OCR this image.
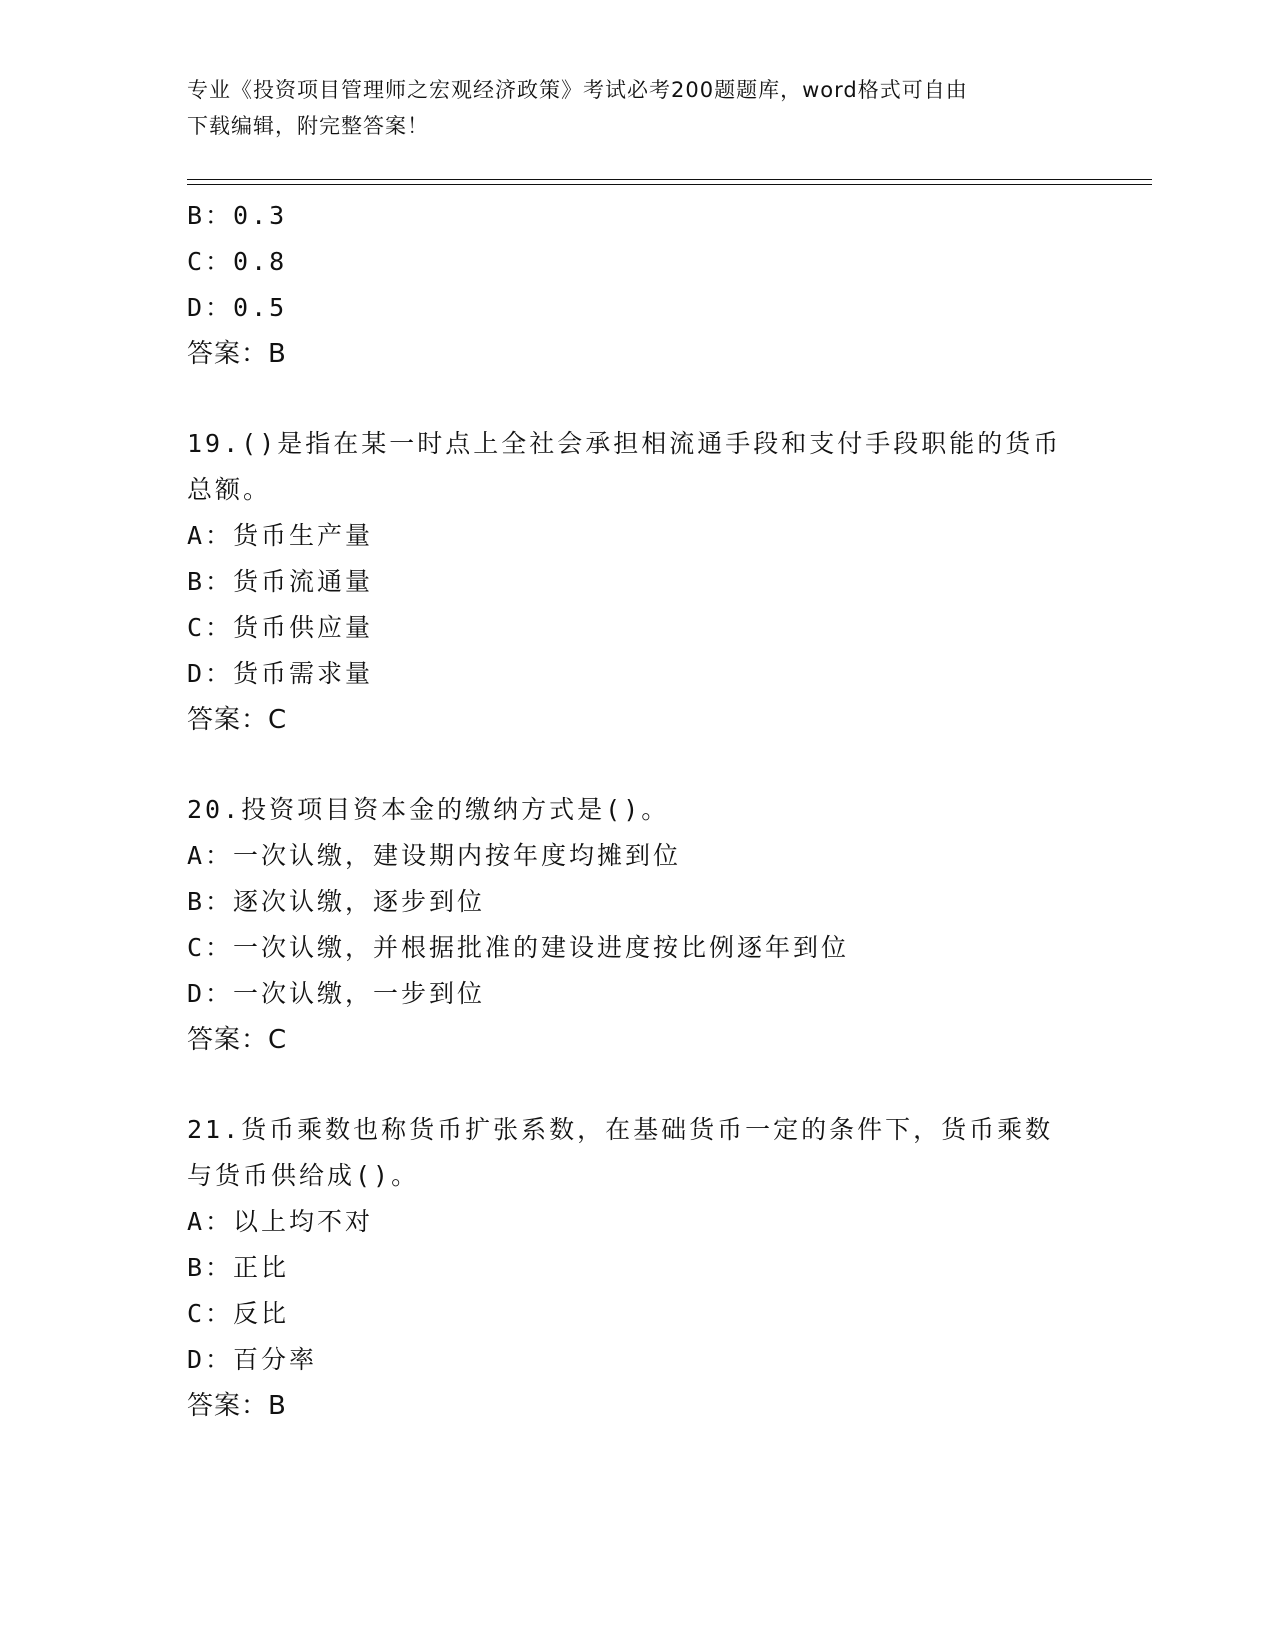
专业《投资项目管理师之宏观经济政策》考试必考200题题库，word格式可自由
下载编辑，附完整答案！
B：0.3
C：0.8
D：0.5
答案：B
19.()是指在某一时点上全社会承担相流通手段和支付手段职能的货币
总额。
A：货币生产量
B：货币流通量
C：货币供应量
D：货币需求量
答案：C
20.投资项目资本金的缴纳方式是()。
A：一次认缴，建设期内按年度均摊到位
B：逐次认缴，逐步到位
C：一次认缴，并根据批准的建设进度按比例逐年到位
D：一次认缴，一步到位
答案：C
21.货币乘数也称货币扩张系数，在基础货币一定的条件下，货币乘数
与货币供给成()。
A：以上均不对
B：正比
C：反比
D：百分率
答案：B
